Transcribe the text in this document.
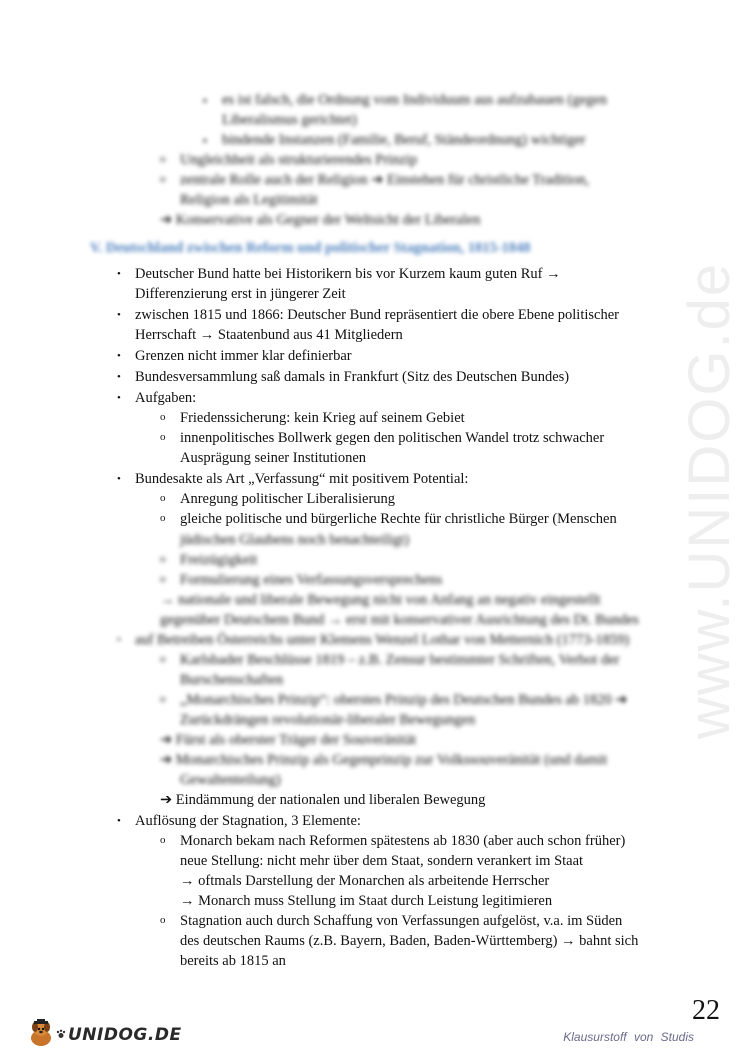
www.UNIDOG.de
▪ es ist falsch, die Ordnung vom Individuum aus aufzubauen (gegen
Liberalismus gerichtet)
▪ bindende Instanzen (Familie, Beruf, Ständeordnung) wichtiger
o Ungleichheit als strukturierendes Prinzip
o zentrale Rolle auch der Religion ➔ Einstehen für christliche Tradition,
Religion als Legitimität
➔ Konservative als Gegner der Weltsicht der Liberalen
V. Deutschland zwischen Reform und politischer Stagnation, 1815-1848
• Deutscher Bund hatte bei Historikern bis vor Kurzem kaum guten Ruf →
Differenzierung erst in jüngerer Zeit
• zwischen 1815 und 1866: Deutscher Bund repräsentiert die obere Ebene politischer
Herrschaft → Staatenbund aus 41 Mitgliedern
• Grenzen nicht immer klar definierbar
• Bundesversammlung saß damals in Frankfurt (Sitz des Deutschen Bundes)
• Aufgaben:
o Friedenssicherung: kein Krieg auf seinem Gebiet
o innenpolitisches Bollwerk gegen den politischen Wandel trotz schwacher
Ausprägung seiner Institutionen
• Bundesakte als Art „Verfassung“ mit positivem Potential:
o Anregung politischer Liberalisierung
o gleiche politische und bürgerliche Rechte für christliche Bürger (Menschen
jüdischen Glaubens noch benachteiligt)
o Freizügigkeit
o Formulierung eines Verfassungsversprechens
→ nationale und liberale Bewegung nicht von Anfang an negativ eingestellt
gegenüber Deutschem Bund → erst mit konservativer Ausrichtung des Dt. Bundes
• auf Betreiben Österreichs unter Klemens Wenzel Lothar von Metternich (1773-1859)
o Karlsbader Beschlüsse 1819 – z.B. Zensur bestimmter Schriften, Verbot der
Burschenschaften
o „Monarchisches Prinzip“: oberstes Prinzip des Deutschen Bundes ab 1820 ➔
Zurückdrängen revolutionär-liberaler Bewegungen
➔ Fürst als oberster Träger der Souveränität
➔ Monarchisches Prinzip als Gegenprinzip zur Volkssouveränität (und damit
Gewaltenteilung)
➔ Eindämmung der nationalen und liberalen Bewegung
• Auflösung der Stagnation, 3 Elemente:
o Monarch bekam nach Reformen spätestens ab 1830 (aber auch schon früher)
neue Stellung: nicht mehr über dem Staat, sondern verankert im Staat
→ oftmals Darstellung der Monarchen als arbeitende Herrscher
→ Monarch muss Stellung im Staat durch Leistung legitimieren
o Stagnation auch durch Schaffung von Verfassungen aufgelöst, v.a. im Süden
des deutschen Raums (z.B. Bayern, Baden, Baden-Württemberg) → bahnt sich
bereits ab 1815 an
22
UNIDOG.DE	Klausurstoff von Studis
